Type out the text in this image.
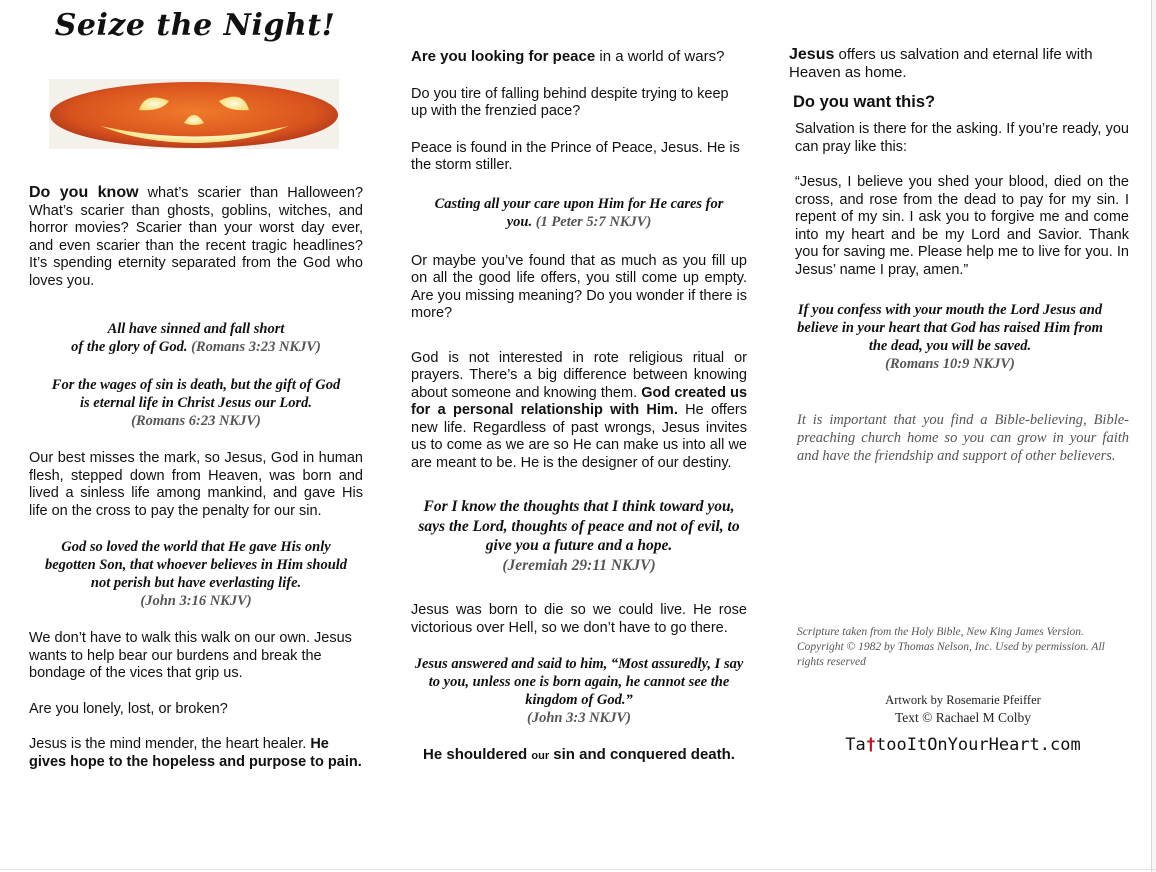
Seize the Night!

Do you know what’s scarier than Halloween? What’s scarier than ghosts, goblins, witches, and horror movies? Scarier than your worst day ever, and even scarier than the recent tragic headlines? It’s spending eternity separated from the God who loves you.

All have sinned and fall short
of the glory of God. (Romans 3:23 NKJV)
For the wages of sin is death, but the gift of God
is eternal life in Christ Jesus our Lord.
(Romans 6:23 NKJV)

Our best misses the mark, so Jesus, God in human flesh, stepped down from Heaven, was born and lived a sinless life among mankind, and gave His life on the cross to pay the penalty for our sin.

God so loved the world that He gave His only begotten Son, that whoever believes in Him should not perish but have everlasting life.
(John 3:16 NKJV)

We don’t have to walk this walk on our own. Jesus wants to help bear our burdens and break the bondage of the vices that grip us.

Are you lonely, lost, or broken?

Jesus is the mind mender, the heart healer. He gives hope to the hopeless and purpose to pain.

Are you looking for peace in a world of wars?

Do you tire of falling behind despite trying to keep up with the frenzied pace?

Peace is found in the Prince of Peace, Jesus. He is the storm stiller.

Casting all your care upon Him for He cares for you. (1 Peter 5:7 NKJV)

Or maybe you’ve found that as much as you fill up on all the good life offers, you still come up empty. Are you missing meaning? Do you wonder if there is more?

God is not interested in rote religious ritual or prayers. There’s a big difference between knowing about someone and knowing them. God created us for a personal relationship with Him. He offers new life. Regardless of past wrongs, Jesus invites us to come as we are so He can make us into all we are meant to be. He is the designer of our destiny.

For I know the thoughts that I think toward you, says the Lord, thoughts of peace and not of evil, to give you a future and a hope.
(Jeremiah 29:11 NKJV)

Jesus was born to die so we could live. He rose victorious over Hell, so we don’t have to go there.

Jesus answered and said to him, “Most assuredly, I say to you, unless one is born again, he cannot see the kingdom of God.”
(John 3:3 NKJV)

He shouldered our sin and conquered death.

Jesus offers us salvation and eternal life with Heaven as home.

Do you want this?

Salvation is there for the asking. If you’re ready, you can pray like this:

“Jesus, I believe you shed your blood, died on the cross, and rose from the dead to pay for my sin. I repent of my sin. I ask you to forgive me and come into my heart and be my Lord and Savior. Thank you for saving me. Please help me to live for you. In Jesus’ name I pray, amen.”

If you confess with your mouth the Lord Jesus and believe in your heart that God has raised Him from the dead, you will be saved.
(Romans 10:9 NKJV)

It is important that you find a Bible-believing, Bible-preaching church home so you can grow in your faith and have the friendship and support of other believers.

Scripture taken from the Holy Bible, New King James Version. Copyright © 1982 by Thomas Nelson, Inc. Used by permission. All rights reserved

Artwork by Rosemarie Pfeiffer

Text © Rachael M Colby

Ta†tooItOnYourHeart.com
